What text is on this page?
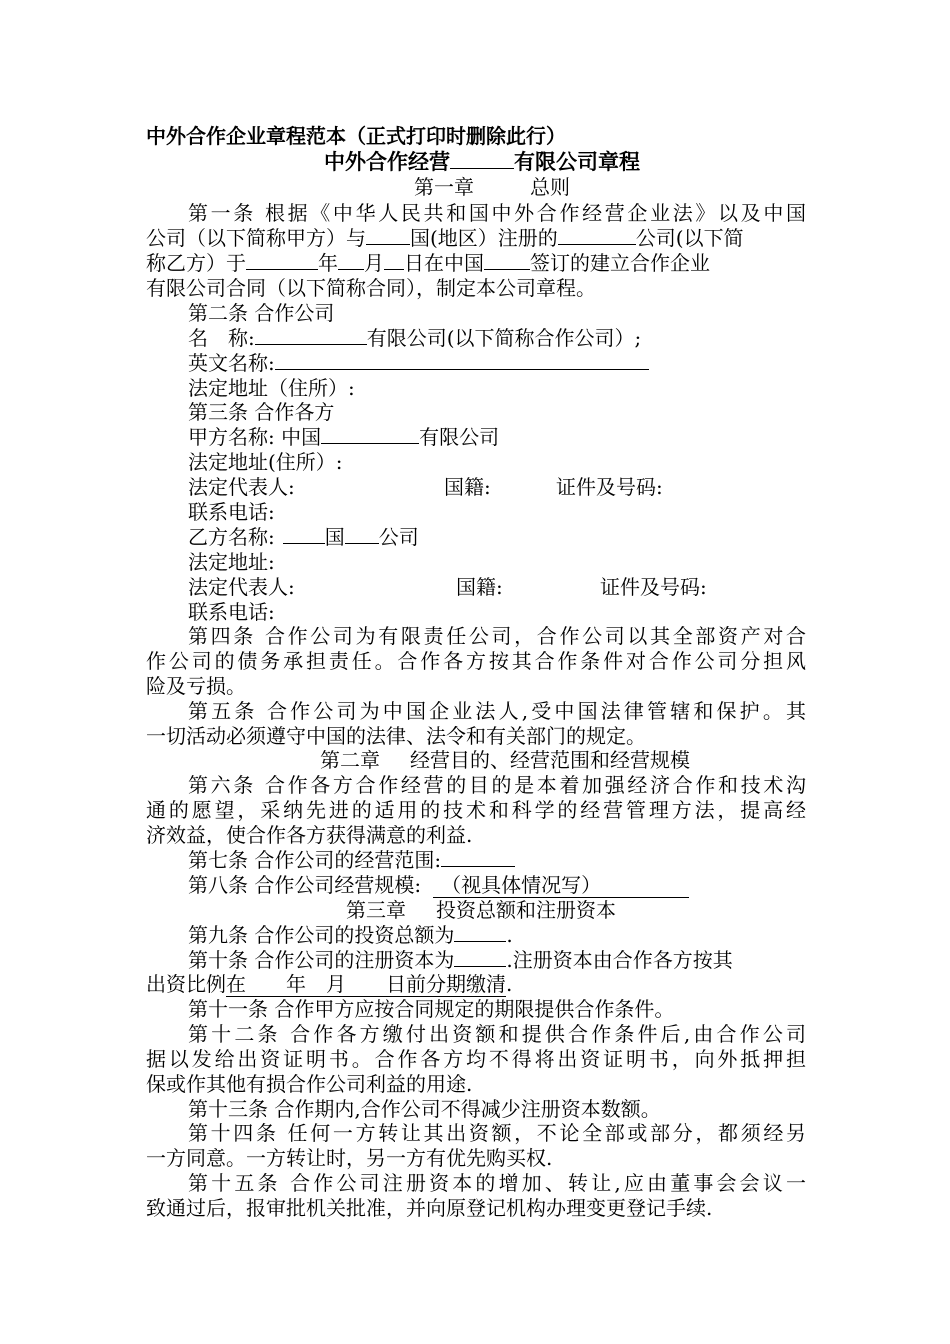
中外合作企业章程范本（正式打印时删除此行）
中外合作经营	有限公司章程
第一章	总则
第一条 根据《中华人民共和国中外合作经营企业法》以及中国
公司（以下简称甲方）与 国(地区）注册的	公司(以下简
称乙方）于	年 月 日在中国 签订的建立合作企业
有限公司合同（以下简称合同），制定本公司章程。
第二条 合作公司
名　称:	有限公司(以下简称合作公司）;
英文名称:
法定地址（住所）:
第三条 合作各方
甲方名称: 中国	有限公司
法定地址(住所）:
法定代表人:	国籍:	证件及号码:
联系电话:
乙方名称:	国 公司
法定地址:
法定代表人:	国籍:	证件及号码:
联系电话:
第四条 合作公司为有限责任公司，合作公司以其全部资产对合
作公司的债务承担责任。合作各方按其合作条件对合作公司分担风
险及亏损。
第五条 合作公司为中国企业法人,受中国法律管辖和保护。其
一切活动必须遵守中国的法律、法令和有关部门的规定。
第二章 经营目的、经营范围和经营规模
第六条 合作各方合作经营的目的是本着加强经济合作和技术沟
通的愿望，采纳先进的适用的技术和科学的经营管理方法，提高经
济效益，使合作各方获得满意的利益.
第七条 合作公司的经营范围:
第八条 合作公司经营规模: （视具体情况写）
第三章 投资总额和注册资本
第九条 合作公司的投资总额为	.
第十条 合作公司的注册资本为	.注册资本由合作各方按其
出资比例在　　年　月　　日前分期缴清.
第十一条 合作甲方应按合同规定的期限提供合作条件。
第十二条 合作各方缴付出资额和提供合作条件后,由合作公司
据以发给出资证明书。合作各方均不得将出资证明书，向外抵押担
保或作其他有损合作公司利益的用途.
第十三条 合作期内,合作公司不得减少注册资本数额。
第十四条 任何一方转让其出资额，不论全部或部分，都须经另
一方同意。一方转让时，另一方有优先购买权.
第十五条 合作公司注册资本的增加、转让,应由董事会会议一
致通过后，报审批机关批准，并向原登记机构办理变更登记手续.
